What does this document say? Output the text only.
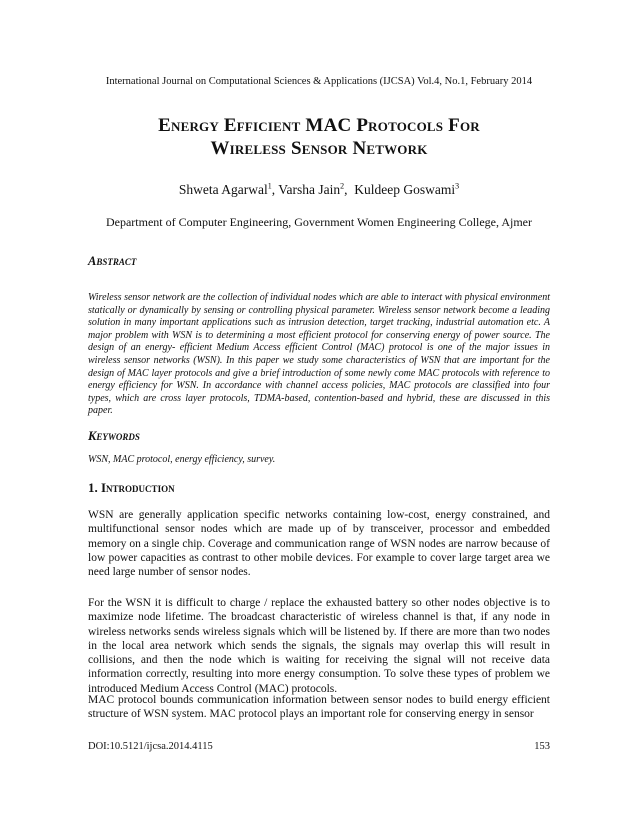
International Journal on Computational Sciences & Applications (IJCSA) Vol.4, No.1, February 2014
Energy Efficient MAC Protocols For
Wireless Sensor Network
Shweta Agarwal$^1$, Varsha Jain$^2$,  Kuldeep Goswami$^3$
Department of Computer Engineering, Government Women Engineering College, Ajmer
Abstract
Wireless sensor network are the collection of individual nodes which are able to interact with physical environment statically or dynamically by sensing or controlling physical parameter. Wireless sensor network become a leading solution in many important applications such as intrusion detection, target tracking, industrial automation etc. A major problem with WSN is to determining a most efficient protocol for conserving energy of power source. The design of an energy- efficient Medium Access efficient Control (MAC) protocol is one of the major issues in wireless sensor networks (WSN). In this paper we study some characteristics of WSN that are important for the design of MAC layer protocols and give a brief introduction of some newly come MAC protocols with reference to energy efficiency for WSN. In accordance with channel access policies, MAC protocols are classified into four types, which are cross layer protocols, TDMA-based, contention-based and hybrid, these are discussed in this paper.
Keywords
WSN, MAC protocol, energy efficiency, survey.
1. Introduction
WSN are generally application specific networks containing low-cost, energy constrained, and multifunctional sensor nodes which are made up of by transceiver, processor and embedded memory on a single chip. Coverage and communication range of WSN nodes are narrow because of low power capacities as contrast to other mobile devices. For example to cover large target area we need large number of sensor nodes.
For the WSN it is difficult to charge / replace the exhausted battery so other nodes objective is to maximize node lifetime. The broadcast characteristic of wireless channel is that, if any node in wireless networks sends wireless signals which will be listened by. If there are more than two nodes in the local area network which sends the signals, the signals may overlap this will result in collisions, and then the node which is waiting for receiving the signal will not receive data information correctly, resulting into more energy consumption. To solve these types of problem we introduced Medium Access Control (MAC) protocols.
MAC protocol bounds communication information between sensor nodes to build energy efficient structure of WSN system. MAC protocol plays an important role for conserving energy in sensor
DOI:10.5121/ijcsa.2014.4115	153
